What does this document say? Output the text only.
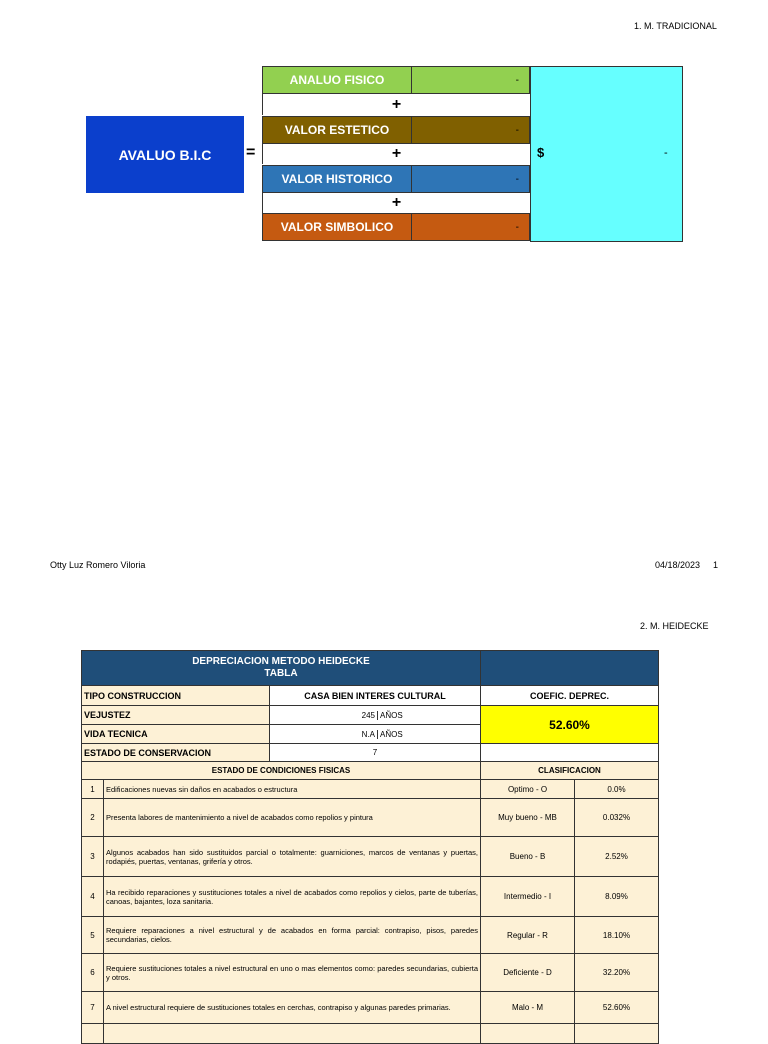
1. M. TRADICIONAL
AVALUO B.I.C	=
ANALUO FISICO	-
+
VALOR ESTETICO	-
+
VALOR HISTORICO	-
+
VALOR SIMBOLICO	-
$	-
Otty Luz Romero Viloria	04/18/2023 1
2. M. HEIDECKE
DEPRECIACION METODO HEIDECKE
TABLA				

TIPO CONSTRUCCION		CASA BIEN INTERES CULTURAL	COEFIC. DEPREC.	
VEJUSTEZ		245 AÑOS	52.60%	
VIDA TECNICA		N.A AÑOS		

ESTADO DE CONSERVACION		7		
ESTADO DE CONDICIONES FISICAS			CLASIFICACION	
1	Edificaciones nuevas sin daños en acabados o estructura		Optimo - O	0.0%
2	Presenta labores de mantenimiento a nivel de acabados como repolios y pintura		Muy bueno - MB	0.032%
3	Algunos acabados han sido sustituidos parcial o totalmente: guarniciones, marcos de ventanas y puertas, rodapiés, puertas, ventanas, grifería y otros.		Bueno - B	2.52%
4	Ha recibido reparaciones y sustituciones totales a nivel de acabados como repolios y cielos, parte de tuberías, canoas, bajantes, loza sanitaria.		Intermedio - I	8.09%
5	Requiere reparaciones a nivel estructural y de acabados en forma parcial: contrapiso, pisos, paredes secundarias, cielos.		Regular - R	18.10%
6	Requiere sustituciones totales a nivel estructural en uno o mas elementos como: paredes secundarias, cubierta y otros.		Deficiente - D	32.20%
7	A nivel estructural requiere de sustituciones totales en cerchas, contrapiso y algunas paredes primarias.		Malo - M	52.60%
